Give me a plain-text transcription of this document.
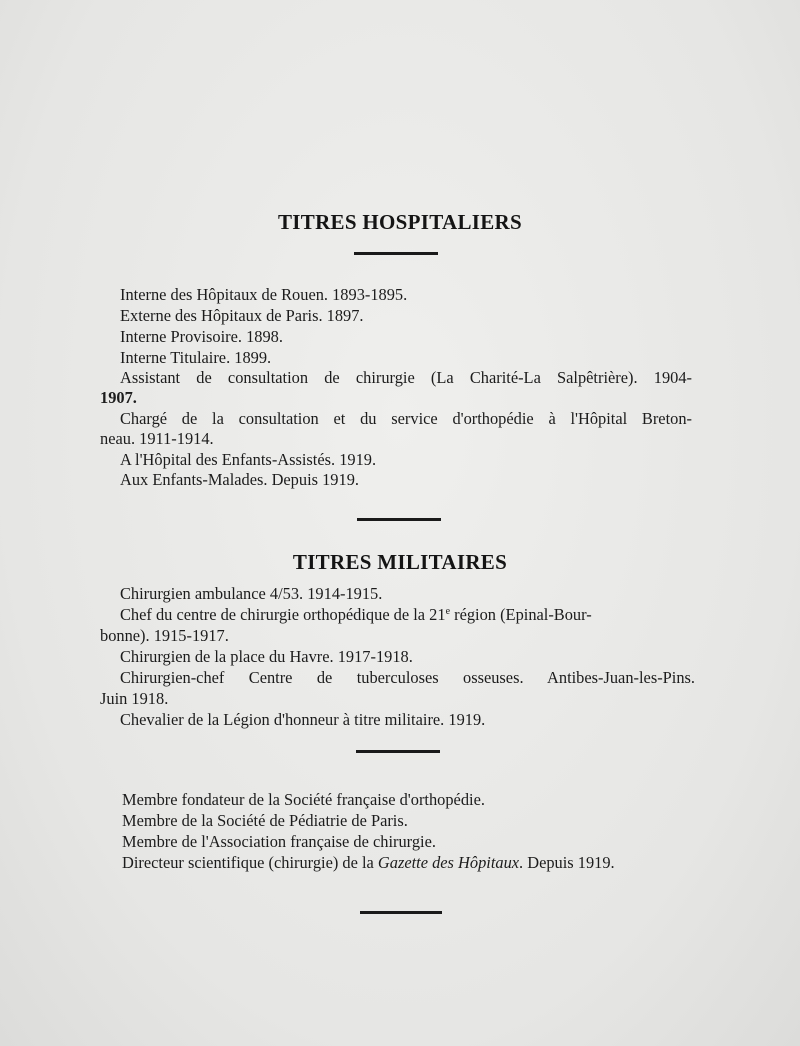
TITRES HOSPITALIERS
Interne des Hôpitaux de Rouen. 1893-1895.
Externe des Hôpitaux de Paris. 1897.
Interne Provisoire. 1898.
Interne Titulaire. 1899.
Assistant de consultation de chirurgie (La Charité-La Salpêtrière). 1904-
1907.
Chargé de la consultation et du service d'orthopédie à l'Hôpital Breton-
neau. 1911-1914.
A l'Hôpital des Enfants-Assistés. 1919.
Aux Enfants-Malades. Depuis 1919.
TITRES MILITAIRES
Chirurgien ambulance 4/53. 1914-1915.
Chef du centre de chirurgie orthopédique de la 21e région (Epinal-Bour-
bonne). 1915-1917.
Chirurgien de la place du Havre. 1917-1918.
Chirurgien-chef Centre de tuberculoses osseuses. Antibes-Juan-les-Pins.
Juin 1918.
Chevalier de la Légion d'honneur à titre militaire. 1919.
Membre fondateur de la Société française d'orthopédie.
Membre de la Société de Pédiatrie de Paris.
Membre de l'Association française de chirurgie.
Directeur scientifique (chirurgie) de la Gazette des Hôpitaux. Depuis 1919.
